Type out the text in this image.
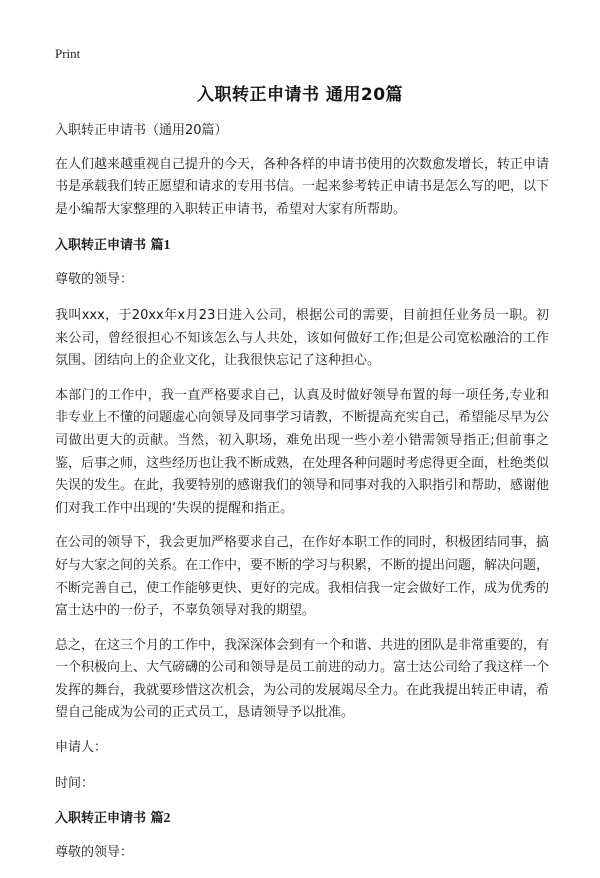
Print
入职转正申请书 通用20篇

入职转正申请书（通用20篇）

在人们越来越重视自己提升的今天，各种各样的申请书使用的次数愈发增长，转正申请书是承载我们转正愿望和请求的专用书信。一起来参考转正申请书是怎么写的吧，以下是小编帮大家整理的入职转正申请书，希望对大家有所帮助。

入职转正申请书 篇1

尊敬的领导：

我叫xxx，于20xx年x月23日进入公司，根据公司的需要，目前担任业务员一职。初来公司，曾经很担心不知该怎么与人共处，该如何做好工作;但是公司宽松融洽的工作氛围、团结向上的企业文化，让我很快忘记了这种担心。

本部门的工作中，我一直严格要求自己，认真及时做好领导布置的每一项任务,专业和非专业上不懂的问题虚心向领导及同事学习请教，不断提高充实自己，希望能尽早为公司做出更大的贡献。当然，初入职场，难免出现一些小差小错需领导指正;但前事之鉴，后事之师，这些经历也让我不断成熟，在处理各种问题时考虑得更全面，杜绝类似失误的发生。在此，我要特别的感谢我们的领导和同事对我的入职指引和帮助，感谢他们对我工作中出现的‘失误的提醒和指正。

在公司的领导下，我会更加严格要求自己，在作好本职工作的同时，积极团结同事，搞好与大家之间的关系。在工作中，要不断的学习与积累，不断的提出问题，解决问题，不断完善自己，使工作能够更快、更好的完成。我相信我一定会做好工作，成为优秀的富士达中的一份子，不辜负领导对我的期望。

总之，在这三个月的工作中，我深深体会到有一个和谐、共进的团队是非常重要的，有一个积极向上、大气磅礴的公司和领导是员工前进的动力。富士达公司给了我这样一个发挥的舞台，我就要珍惜这次机会，为公司的发展竭尽全力。在此我提出转正申请，希望自己能成为公司的正式员工，恳请领导予以批准。

申请人：

时间：

入职转正申请书 篇2

尊敬的领导：
